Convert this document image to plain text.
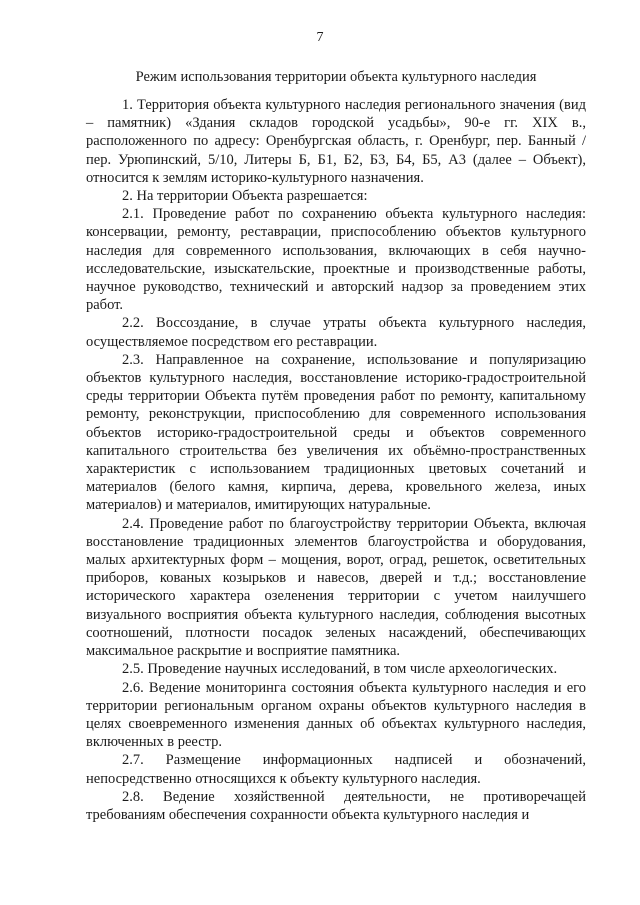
7
Режим использования территории объекта культурного наследия

1. Территория объекта культурного наследия регионального значения (вид – памятник) «Здания складов городской усадьбы», 90-е гг. XIX в., расположенного по адресу: Оренбургская область, г. Оренбург, пер. Банный / пер. Урюпинский, 5/10, Литеры Б, Б1, Б2, Б3, Б4, Б5, А3 (далее – Объект), относится к землям историко-культурного назначения.

2. На территории Объекта разрешается:

2.1. Проведение работ по сохранению объекта культурного наследия: консервации, ремонту, реставрации, приспособлению объектов культурного наследия для современного использования, включающих в себя научно-исследовательские, изыскательские, проектные и производственные работы, научное руководство, технический и авторский надзор за проведением этих работ.

2.2. Воссоздание, в случае утраты объекта культурного наследия, осуществляемое посредством его реставрации.

2.3. Направленное на сохранение, использование и популяризацию объектов культурного наследия, восстановление историко-градостроительной среды территории Объекта путём проведения работ по ремонту, капитальному ремонту, реконструкции, приспособлению для современного использования объектов историко-градостроительной среды и объектов современного капитального строительства без увеличения их объёмно-пространственных характеристик с использованием традиционных цветовых сочетаний и материалов (белого камня, кирпича, дерева, кровельного железа, иных материалов) и материалов, имитирующих натуральные.

2.4. Проведение работ по благоустройству территории Объекта, включая восстановление традиционных элементов благоустройства и оборудования, малых архитектурных форм – мощения, ворот, оград, решеток, осветительных приборов, кованых козырьков и навесов, дверей и т.д.; восстановление исторического характера озеленения территории с учетом наилучшего визуального восприятия объекта культурного наследия, соблюдения высотных соотношений, плотности посадок зеленых насаждений, обеспечивающих максимальное раскрытие и восприятие памятника.

2.5. Проведение научных исследований, в том числе археологических.

2.6. Ведение мониторинга состояния объекта культурного наследия и его территории региональным органом охраны объектов культурного наследия в целях своевременного изменения данных об объектах культурного наследия, включенных в реестр.

2.7. Размещение информационных надписей и обозначений, непосредственно относящихся к объекту культурного наследия.

2.8. Ведение хозяйственной деятельности, не противоречащей требованиям обеспечения сохранности объекта культурного наследия и
